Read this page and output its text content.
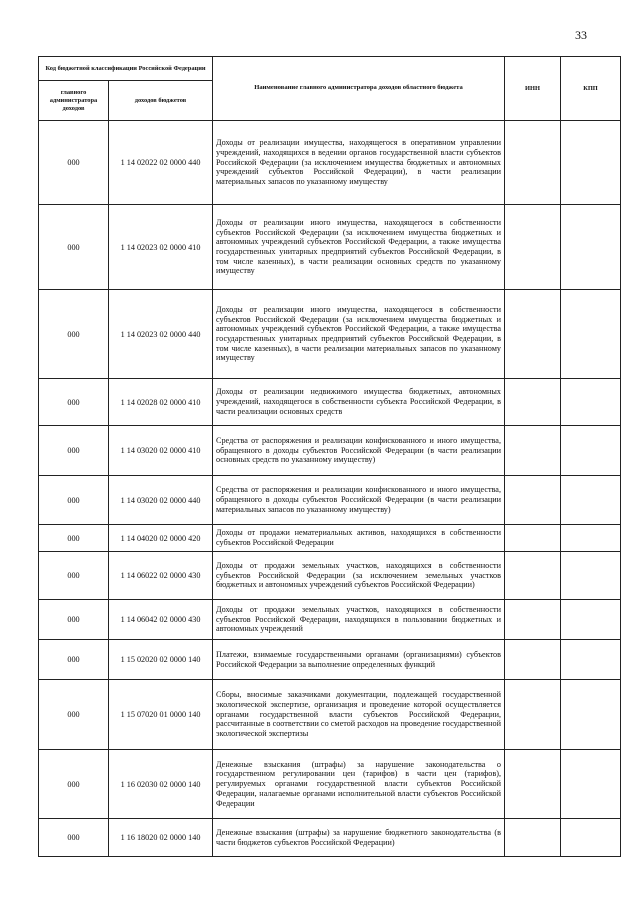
33
Код бюджетной классификации Российской Федерации		Наименование главного администратора доходов областного бюджета	ИНН	КПП
главного администратора доходов	доходов бюджетов			
000	1 14 02022 02 0000 440	Доходы от реализации имущества, находящегося в оперативном управлении учреждений, находящихся в ведении органов государственной власти субъектов Российской Федерации (за исключением имущества бюджетных и автономных учреждений субъектов Российской Федерации), в части реализации материальных запасов по указанному имуществу		
000	1 14 02023 02 0000 410	Доходы от реализации иного имущества, находящегося в собственности субъектов Российской Федерации (за исключением имущества бюджетных и автономных учреждений субъектов Российской Федерации, а также имущества государственных унитарных предприятий субъектов Российской Федерации, в том числе казенных), в части реализации основных средств по указанному имуществу		
000	1 14 02023 02 0000 440	Доходы от реализации иного имущества, находящегося в собственности субъектов Российской Федерации (за исключением имущества бюджетных и автономных учреждений субъектов Российской Федерации, а также имущества государственных унитарных предприятий субъектов Российской Федерации, в том числе казенных), в части реализации материальных запасов по указанному имуществу		
000	1 14 02028 02 0000 410	Доходы от реализации недвижимого имущества бюджетных, автономных учреждений, находящегося в собственности субъекта Российской Федерации, в части реализации основных средств		
000	1 14 03020 02 0000 410	Средства от распоряжения и реализации конфискованного и иного имущества, обращенного в доходы субъектов Российской Федерации (в части реализации основных средств по указанному имуществу)		
000	1 14 03020 02 0000 440	Средства от распоряжения и реализации конфискованного и иного имущества, обращенного в доходы субъектов Российской Федерации (в части реализации материальных запасов по указанному имуществу)		
000	1 14 04020 02 0000 420	Доходы от продажи нематериальных активов, находящихся в собственности субъектов Российской Федерации		
000	1 14 06022 02 0000 430	Доходы от продажи земельных участков, находящихся в собственности субъектов Российской Федерации (за исключением земельных участков бюджетных и автономных учреждений субъектов Российской Федерации)		
000	1 14 06042 02 0000 430	Доходы от продажи земельных участков, находящихся в собственности субъектов Российской Федерации, находящихся в пользовании бюджетных и автономных учреждений		
000	1 15 02020 02 0000 140	Платежи, взимаемые государственными органами (организациями) субъектов Российской Федерации за выполнение определенных функций		
000	1 15 07020 01 0000 140	Сборы, вносимые заказчиками документации, подлежащей государственной экологической экспертизе, организация и проведение которой осуществляется органами государственной власти субъектов Российской Федерации, рассчитанные в соответствии со сметой расходов на проведение государственной экологической экспертизы		
000	1 16 02030 02 0000 140	Денежные взыскания (штрафы) за нарушение законодательства о государственном регулировании цен (тарифов) в части цен (тарифов), регулируемых органами государственной власти субъектов Российской Федерации, налагаемые органами исполнительной власти субъектов Российской Федерации		
000	1 16 18020 02 0000 140	Денежные взыскания (штрафы) за нарушение бюджетного законодательства (в части бюджетов субъектов Российской Федерации)		
